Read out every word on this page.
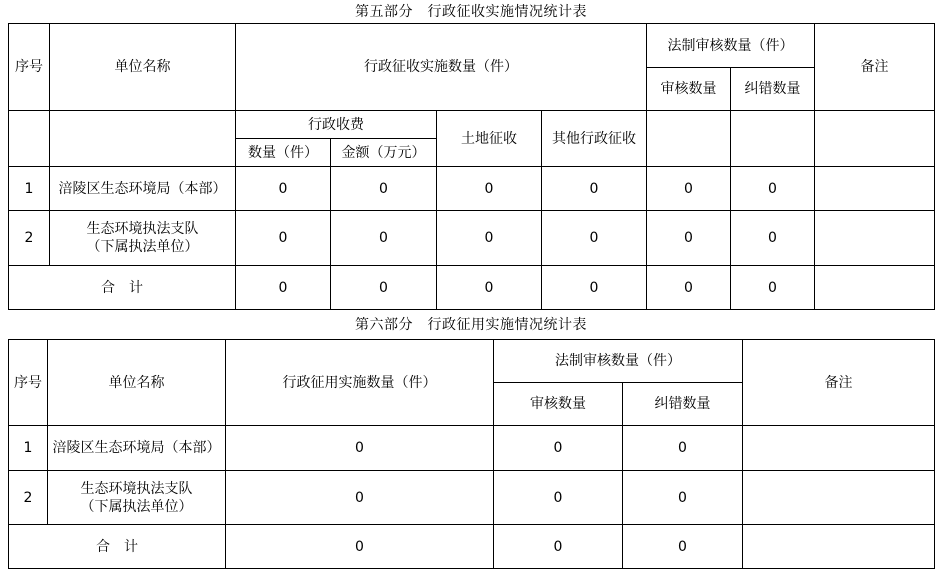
第五部分　行政征收实施情况统计表
序号	单位名称	行政征收实施数量（件）				法制审核数量（件）		备注
						审核数量	纠错数量	
		行政收费		土地征收	其他行政征收			
		数量（件）	金额（万元）					
1	涪陵区生态环境局（本部）	0	0	0	0	0	0	
2	生态环境执法支队
（下属执法单位）	0	0	0	0	0	0	
合　计		0	0	0	0	0	0	
第六部分　行政征用实施情况统计表
序号	单位名称	行政征用实施数量（件）	法制审核数量（件）		备注
			审核数量	纠错数量	
1	涪陵区生态环境局（本部）	0	0	0	
2	生态环境执法支队
（下属执法单位）	0	0	0	
合　计		0	0	0	
